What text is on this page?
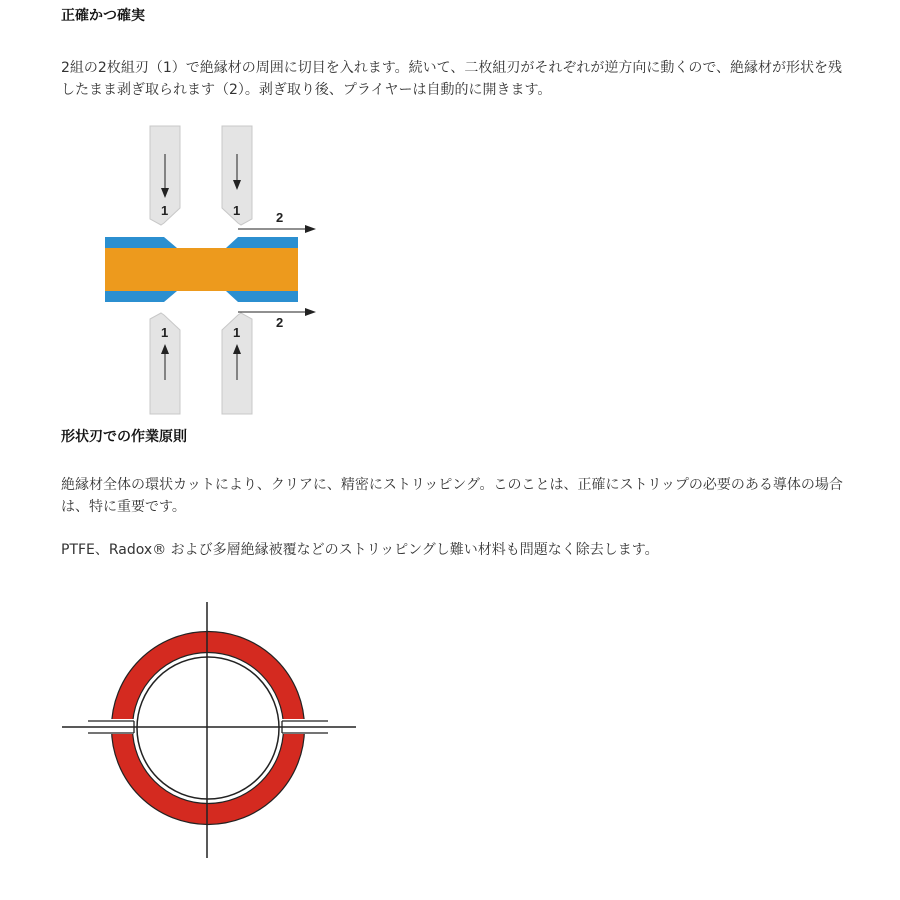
正確かつ確実

2組の2枚組刃（1）で絶縁材の周囲に切目を入れます。続いて、二枚組刃がそれぞれが逆方向に動くので、絶縁材が形状を残したまま剥ぎ取られます（2）。剥ぎ取り後、プライヤーは自動的に開きます。

1	1
1	1
2
2
形状刃での作業原則

絶縁材全体の環状カットにより、クリアに、精密にストリッピング。このことは、正確にストリップの必要のある導体の場合は、特に重要です。

PTFE、Radox® および多層絶縁被覆などのストリッピングし難い材料も問題なく除去します。
